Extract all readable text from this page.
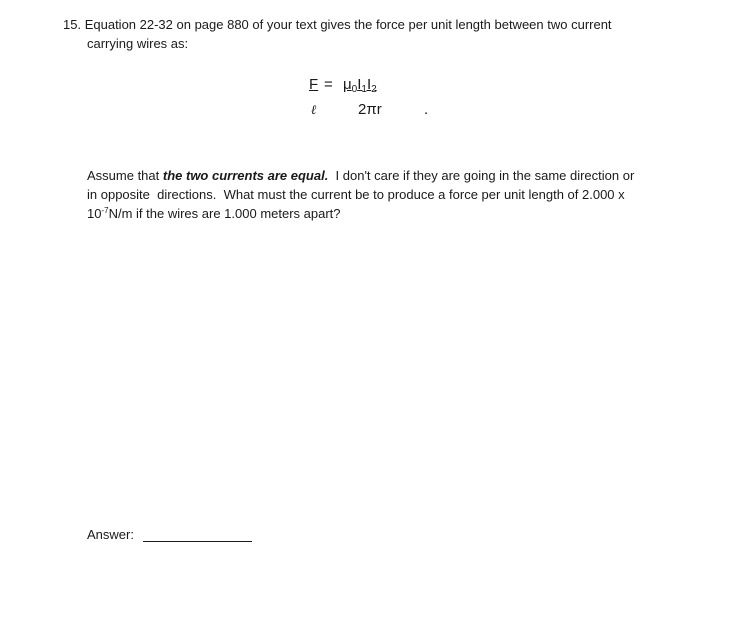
15. Equation 22-32 on page 880 of your text gives the force per unit length between two current
carrying wires as:
$F = \mu_0I_1I_2$
ℓ	2πr	.
Assume that the two currents are equal.  I don't care if they are going in the same direction or
in opposite  directions.  What must the current be to produce a force per unit length of 2.000 x
$10^{-7}N/m$ if the wires are 1.000 meters apart?
Answer:
